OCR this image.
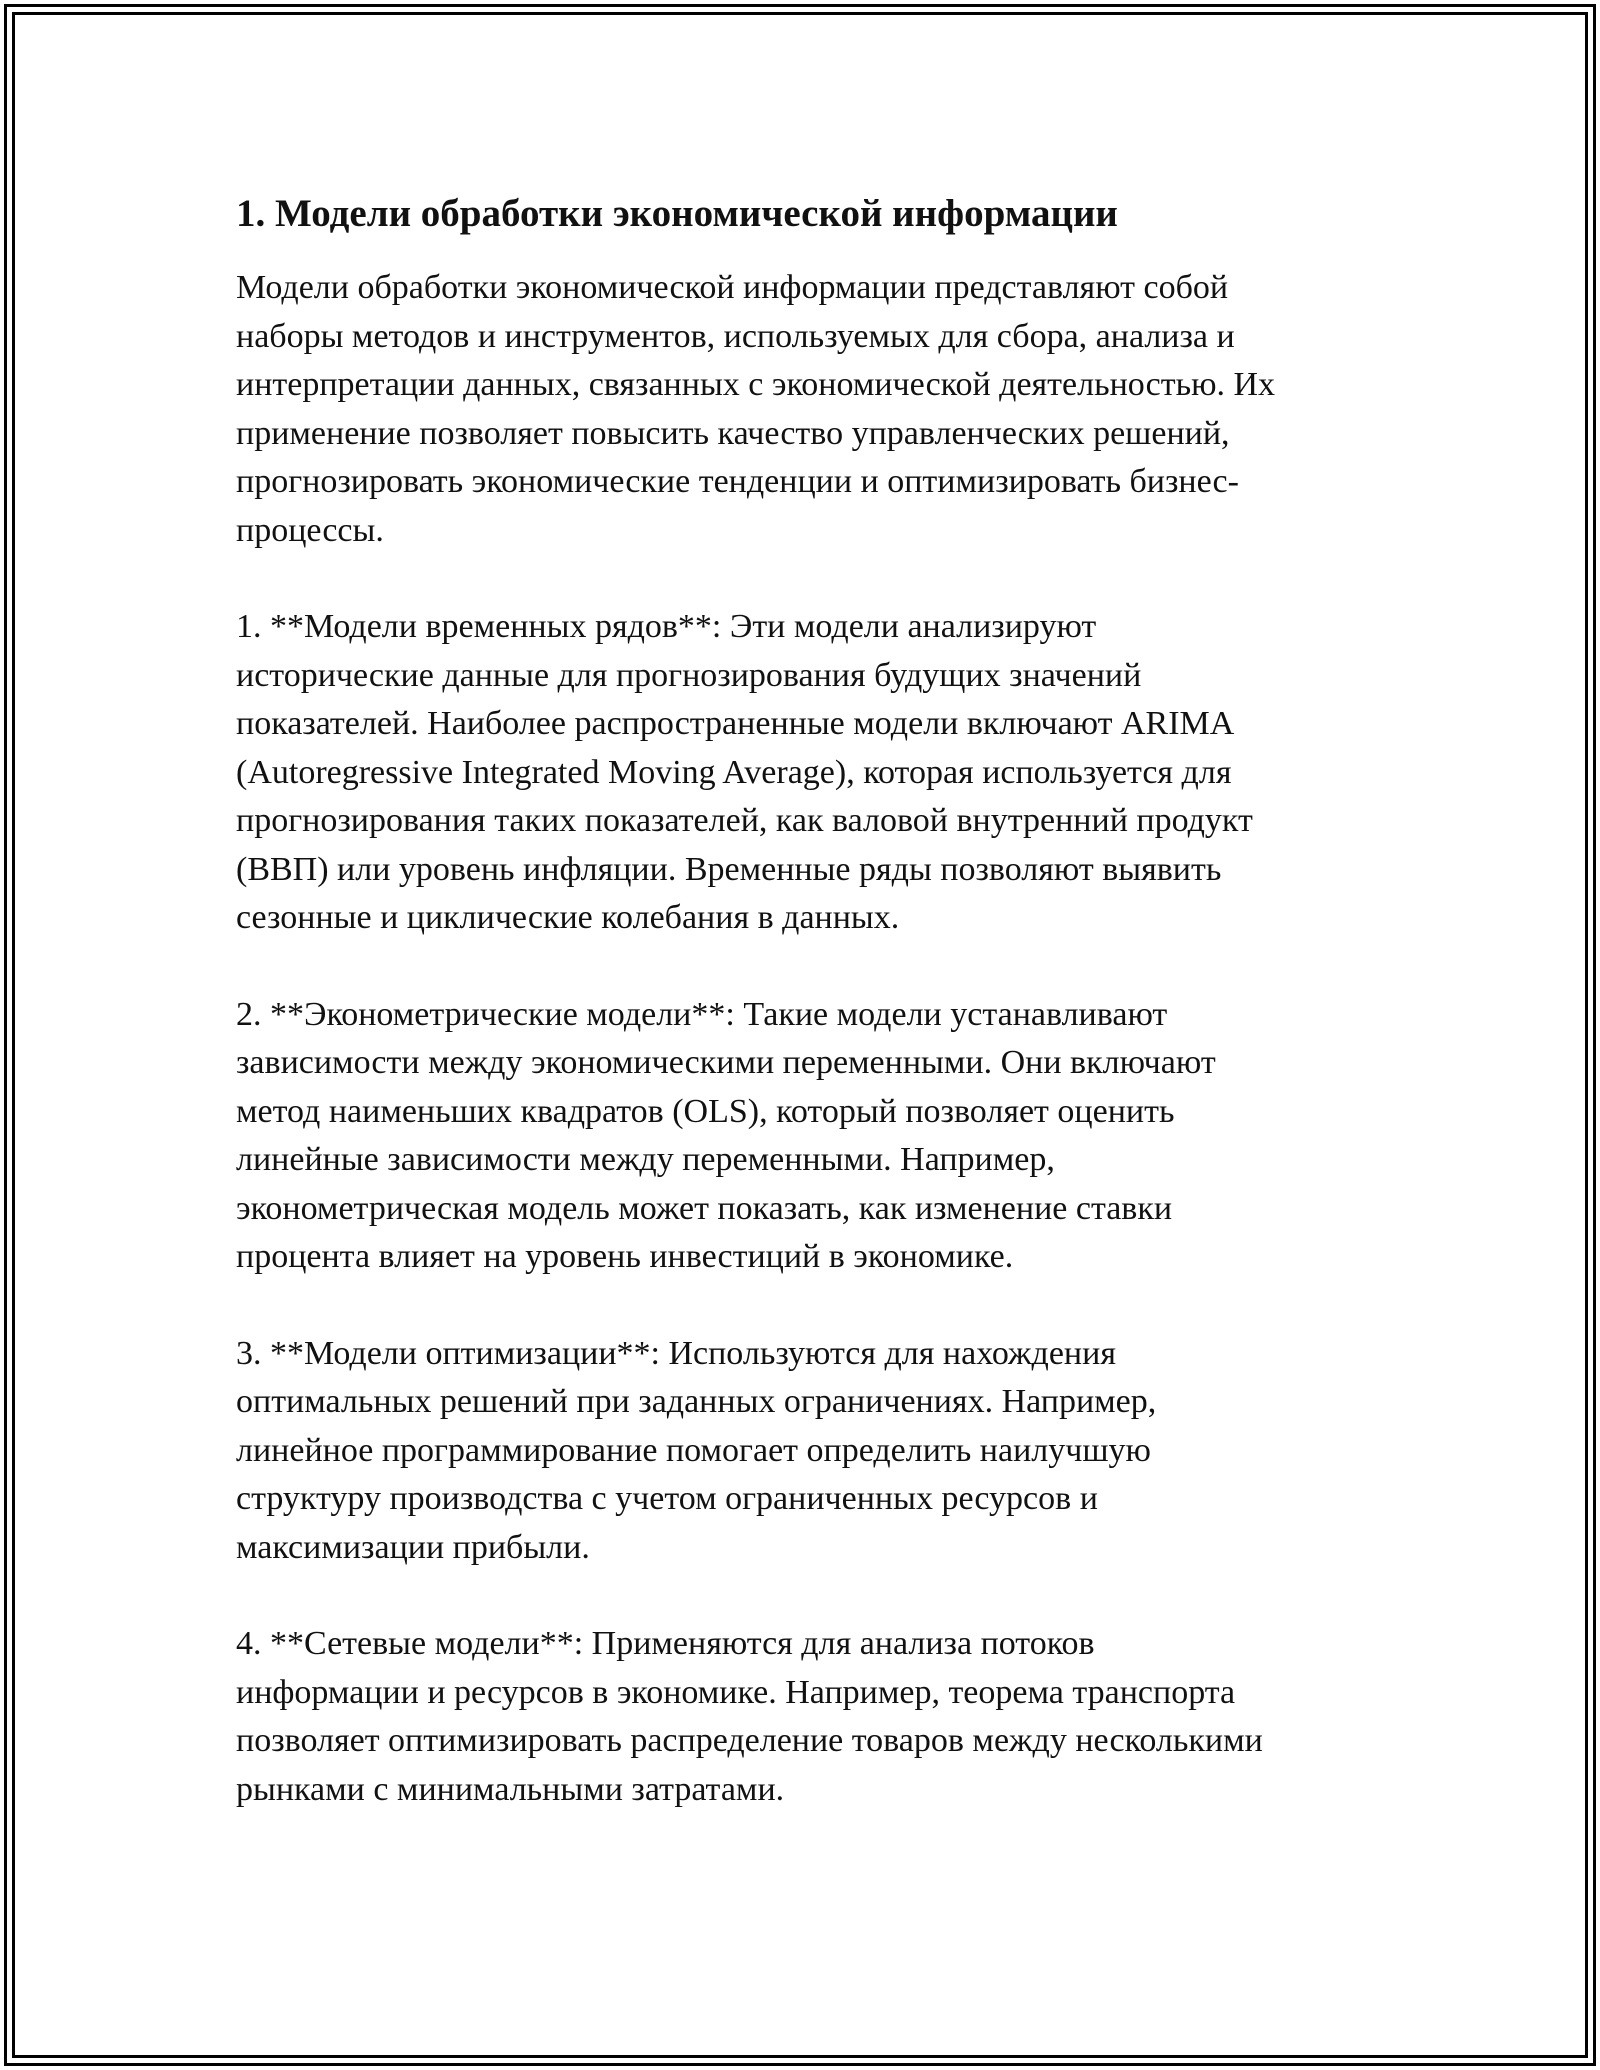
1. Модели обработки экономической информации

Модели обработки экономической информации представляют собой
наборы методов и инструментов, используемых для сбора, анализа и
интерпретации данных, связанных с экономической деятельностью. Их
применение позволяет повысить качество управленческих решений,
прогнозировать экономические тенденции и оптимизировать бизнес-
процессы.

1. **Модели временных рядов**: Эти модели анализируют
исторические данные для прогнозирования будущих значений
показателей. Наиболее распространенные модели включают ARIMA
(Autoregressive Integrated Moving Average), которая используется для
прогнозирования таких показателей, как валовой внутренний продукт
(ВВП) или уровень инфляции. Временные ряды позволяют выявить
сезонные и циклические колебания в данных.

2. **Эконометрические модели**: Такие модели устанавливают
зависимости между экономическими переменными. Они включают
метод наименьших квадратов (OLS), который позволяет оценить
линейные зависимости между переменными. Например,
эконометрическая модель может показать, как изменение ставки
процента влияет на уровень инвестиций в экономике.

3. **Модели оптимизации**: Используются для нахождения
оптимальных решений при заданных ограничениях. Например,
линейное программирование помогает определить наилучшую
структуру производства с учетом ограниченных ресурсов и
максимизации прибыли.

4. **Сетевые модели**: Применяются для анализа потоков
информации и ресурсов в экономике. Например, теорема транспорта
позволяет оптимизировать распределение товаров между несколькими
рынками с минимальными затратами.
